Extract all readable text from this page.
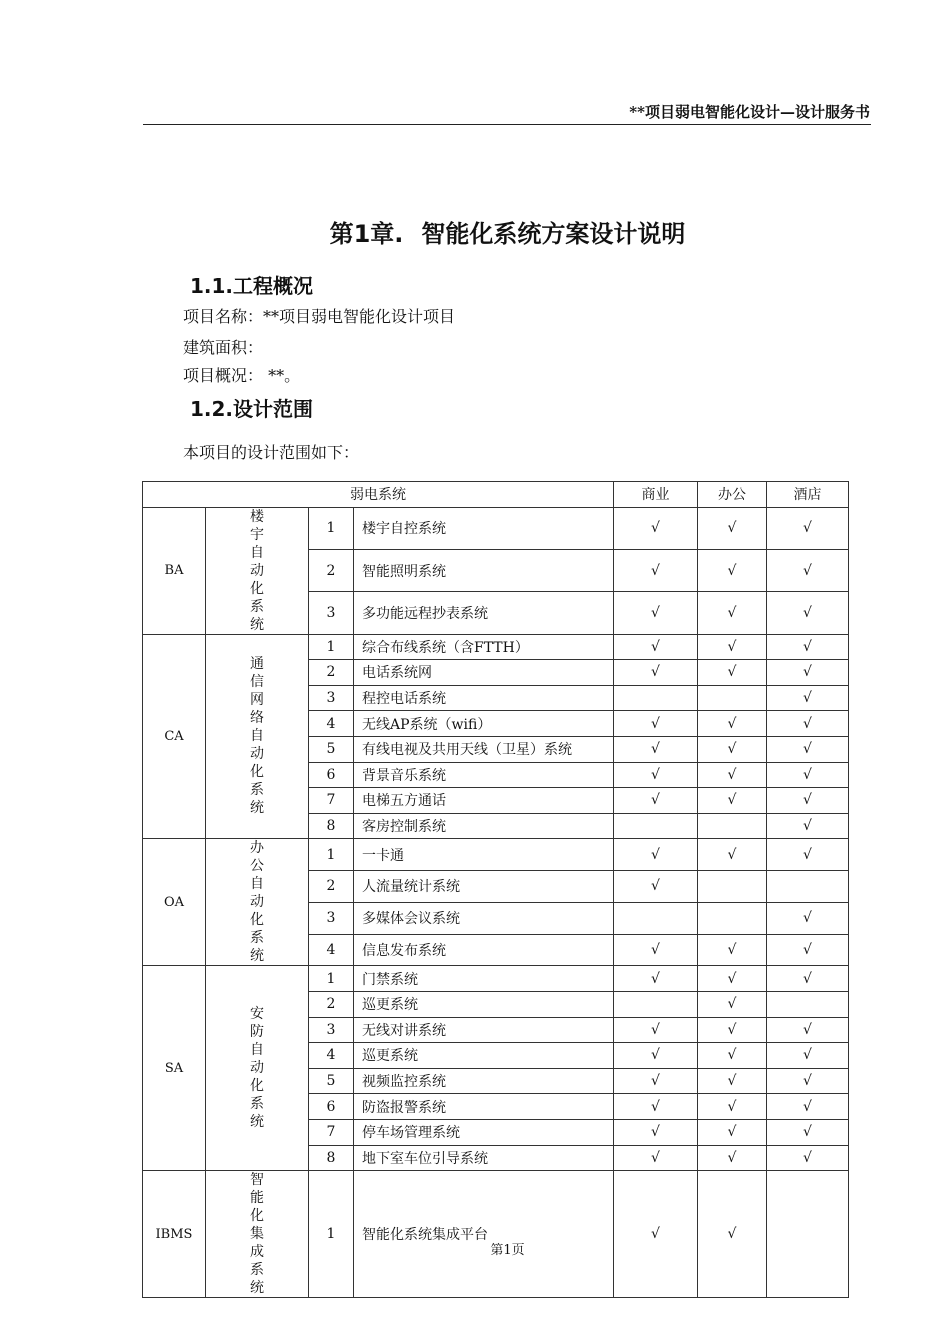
**项目弱电智能化设计—设计服务书
第1章. 智能化系统方案设计说明
1.1.工程概况
项目名称：**项目弱电智能化设计项目
建筑面积：
项目概况： **。
1.2.设计范围
本项目的设计范围如下：
弱电系统				商业	办公	酒店
BA	楼宇自动化系统	1	楼宇自控系统	√	√	√
		2	智能照明系统	√	√	√
		3	多功能远程抄表系统	√	√	√
CA	通信网络自动化系统	1	综合布线系统（含FTTH）	√	√	√
		2	电话系统网	√	√	√
		3	程控电话系统			√
		4	无线AP系统（wifi）	√	√	√
		5	有线电视及共用天线（卫星）系统	√	√	√
		6	背景音乐系统	√	√	√
		7	电梯五方通话	√	√	√
		8	客房控制系统			√
OA	办公自动化系统	1	一卡通	√	√	√
		2	人流量统计系统	√		
		3	多媒体会议系统			√
		4	信息发布系统	√	√	√
SA	安防自动化系统	1	门禁系统	√	√	√
		2	巡更系统		√	
		3	无线对讲系统	√	√	√
		4	巡更系统	√	√	√
		5	视频监控系统	√	√	√
		6	防盗报警系统	√	√	√
		7	停车场管理系统	√	√	√
		8	地下室车位引导系统	√	√	√
IBMS	智能化集成系统	1	智能化系统集成平台	√	√	
第1页
